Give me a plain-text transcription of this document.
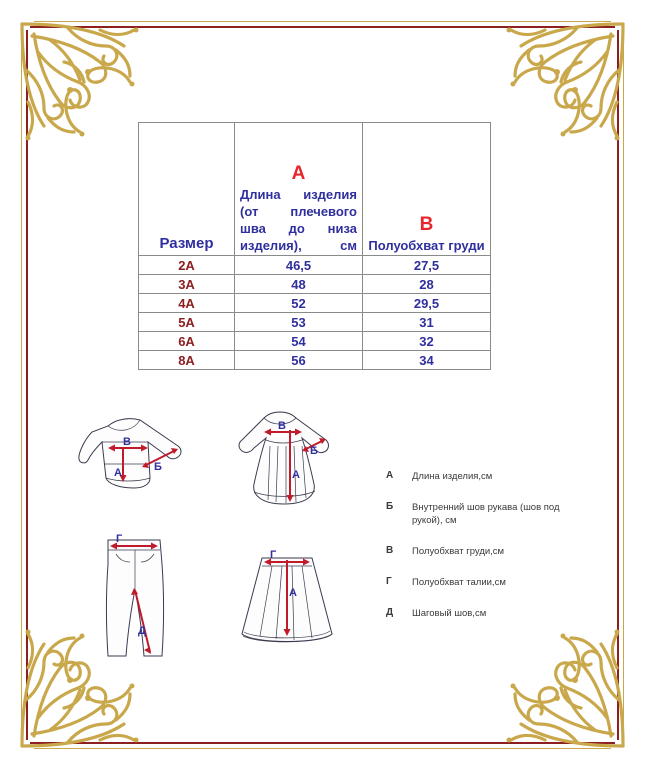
Размер

А
Длина изделия (от плечевого шва до низа изделия), см

В
Полуобхват груди

2А	46,5	27,5
3А	48	28
4А	52	29,5
5А	53	31
6А	54	32
8А	56	34
А	Длина изделия,см
Б	Внутренний шов рукава (шов под рукой), см
В	Полуобхват груди,см
Г	Полуобхват талии,см
Д	Шаговый шов,см
В
А	Б
В
Б
А
Г
Д
Г
А
